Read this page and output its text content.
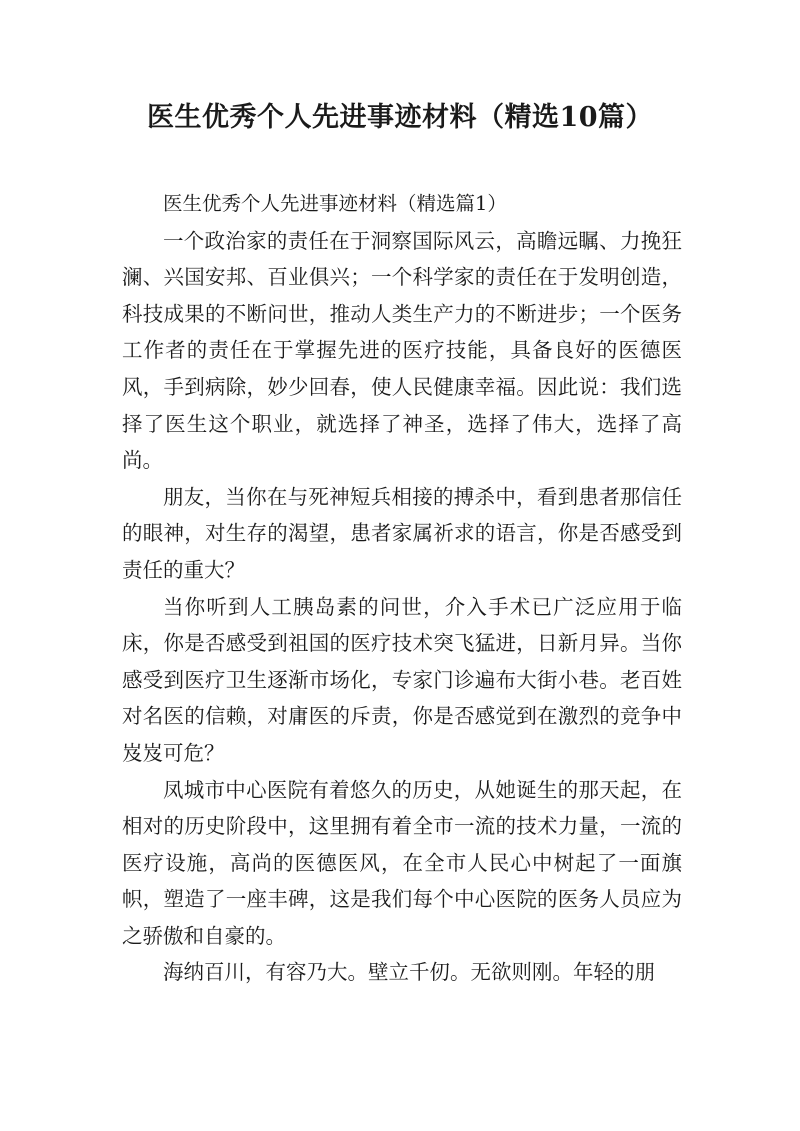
医生优秀个人先进事迹材料（精选10篇）

医生优秀个人先进事迹材料（精选篇1）

一个政治家的责任在于洞察国际风云，高瞻远瞩、力挽狂澜、兴国安邦、百业俱兴；一个科学家的责任在于发明创造，科技成果的不断问世，推动人类生产力的不断进步；一个医务工作者的责任在于掌握先进的医疗技能，具备良好的医德医风，手到病除，妙少回春，使人民健康幸福。因此说：我们选择了医生这个职业，就选择了神圣，选择了伟大，选择了高尚。

朋友，当你在与死神短兵相接的搏杀中，看到患者那信任的眼神，对生存的渴望，患者家属祈求的语言，你是否感受到责任的重大？

当你听到人工胰岛素的问世，介入手术已广泛应用于临床，你是否感受到祖国的医疗技术突飞猛进，日新月异。当你感受到医疗卫生逐渐市场化，专家门诊遍布大街小巷。老百姓对名医的信赖，对庸医的斥责，你是否感觉到在激烈的竞争中岌岌可危？

凤城市中心医院有着悠久的历史，从她诞生的那天起，在相对的历史阶段中，这里拥有着全市一流的技术力量，一流的医疗设施，高尚的医德医风，在全市人民心中树起了一面旗帜，塑造了一座丰碑，这是我们每个中心医院的医务人员应为之骄傲和自豪的。

海纳百川，有容乃大。壁立千仞。无欲则刚。年轻的朋
